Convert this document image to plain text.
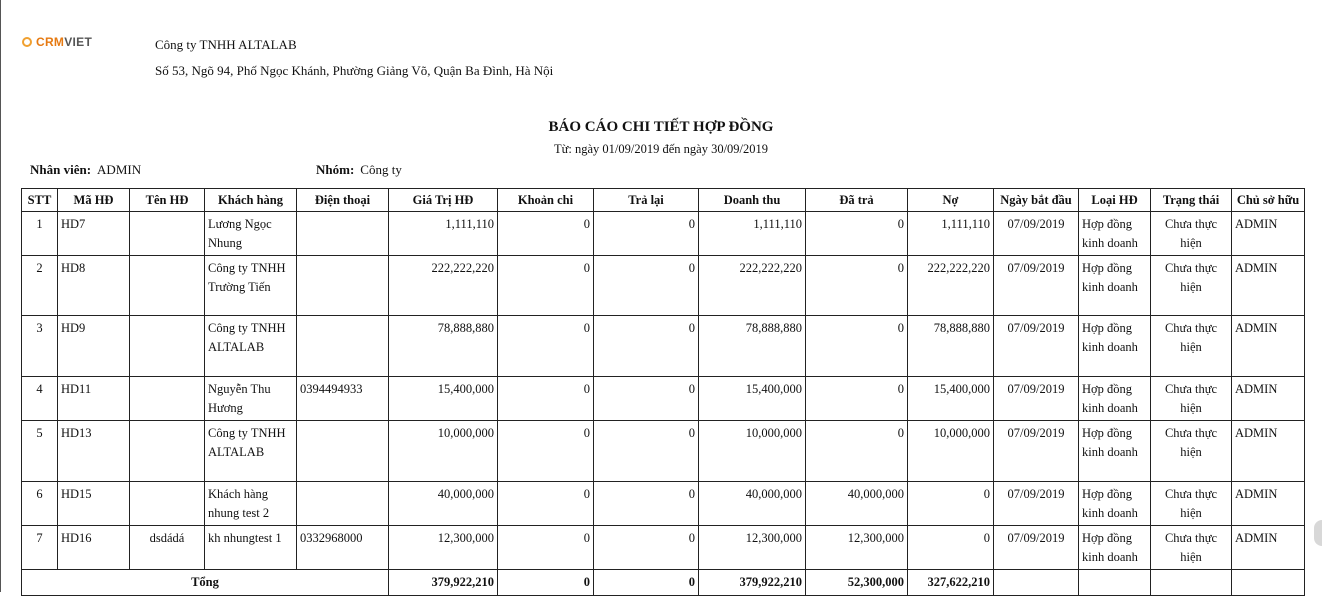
CRM VIET	Công ty TNHH ALTALAB
Số 53, Ngõ 94, Phố Ngọc Khánh, Phường Giảng Võ, Quận Ba Đình, Hà Nội
BÁO CÁO CHI TIẾT HỢP ĐỒNG
Từ: ngày 01/09/2019 đến ngày 30/09/2019
Nhân viên: ADMIN	Nhóm: Công ty
STT	Mã HĐ	Tên HĐ	Khách hàng	Điện thoại	Giá Trị HĐ	Khoản chi	Trả lại	Doanh thu	Đã trả	Nợ	Ngày bắt đầu	Loại HĐ	Trạng thái	Chủ sở hữu
1	HD7		Lương Ngọc Nhung		1,111,110	0	0	1,111,110	0	1,111,110	07/09/2019	Hợp đồng kinh doanh	Chưa thực hiện	ADMIN
2	HD8		Công ty TNHH Trường Tiến		222,222,220	0	0	222,222,220	0	222,222,220	07/09/2019	Hợp đồng kinh doanh	Chưa thực hiện	ADMIN
3	HD9		Công ty TNHH ALTALAB		78,888,880	0	0	78,888,880	0	78,888,880	07/09/2019	Hợp đồng kinh doanh	Chưa thực hiện	ADMIN
4	HD11		Nguyễn Thu Hương	0394494933	15,400,000	0	0	15,400,000	0	15,400,000	07/09/2019	Hợp đồng kinh doanh	Chưa thực hiện	ADMIN
5	HD13		Công ty TNHH ALTALAB		10,000,000	0	0	10,000,000	0	10,000,000	07/09/2019	Hợp đồng kinh doanh	Chưa thực hiện	ADMIN
6	HD15		Khách hàng nhung test 2		40,000,000	0	0	40,000,000	40,000,000	0	07/09/2019	Hợp đồng kinh doanh	Chưa thực hiện	ADMIN
7	HD16	dsdádá	kh nhungtest 1	0332968000	12,300,000	0	0	12,300,000	12,300,000	0	07/09/2019	Hợp đồng kinh doanh	Chưa thực hiện	ADMIN
Tổng					379,922,210	0	0	379,922,210	52,300,000	327,622,210				
